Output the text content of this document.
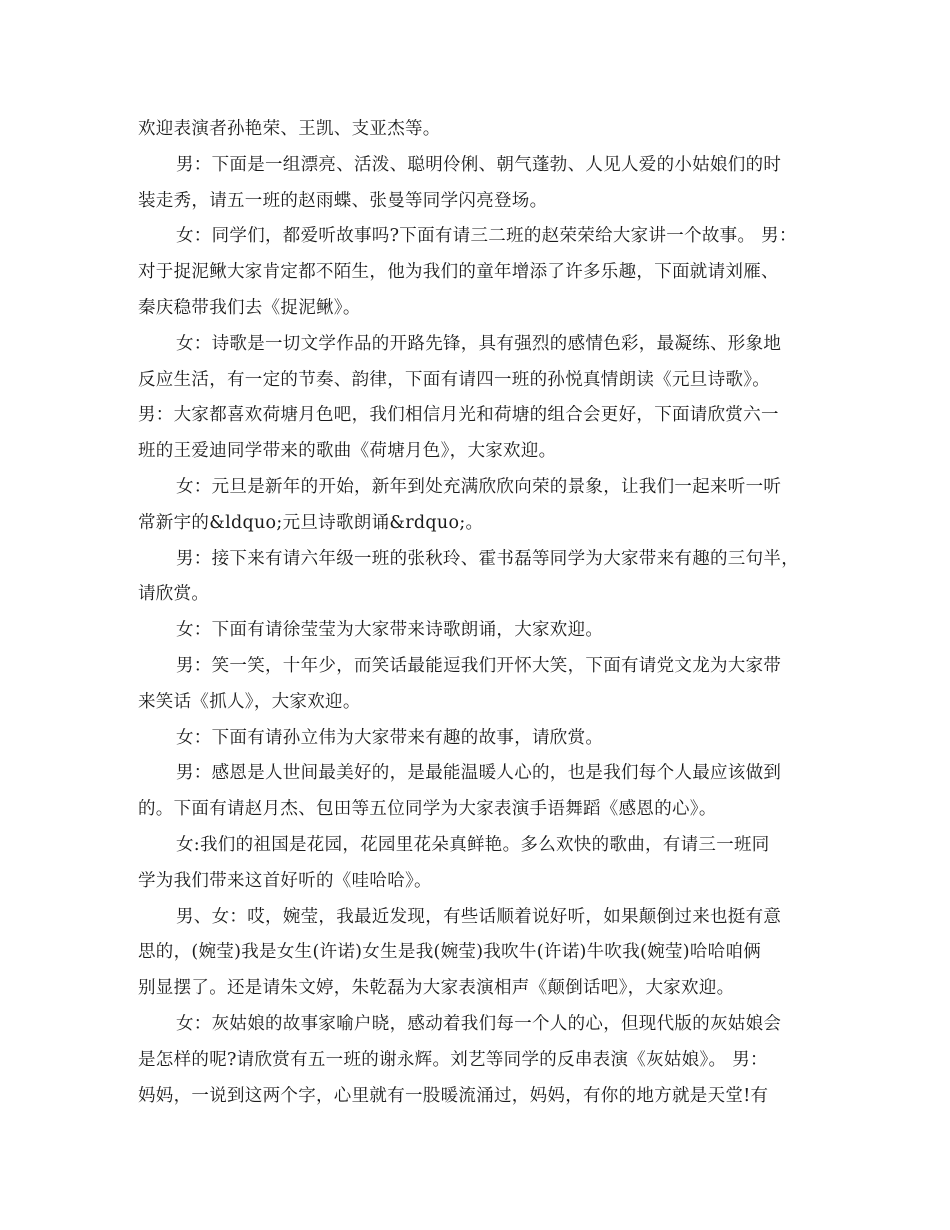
欢迎表演者孙艳荣、王凯、支亚杰等。
男：下面是一组漂亮、活泼、聪明伶俐、朝气蓬勃、人见人爱的小姑娘们的时
装走秀，请五一班的赵雨蝶、张曼等同学闪亮登场。
女：同学们，都爱听故事吗?下面有请三二班的赵荣荣给大家讲一个故事。 男：
对于捉泥鳅大家肯定都不陌生，他为我们的童年增添了许多乐趣，下面就请刘雁、
秦庆稳带我们去《捉泥鳅》。
女：诗歌是一切文学作品的开路先锋，具有强烈的感情色彩，最凝练、形象地
反应生活，有一定的节奏、韵律，下面有请四一班的孙悦真情朗读《元旦诗歌》。
男：大家都喜欢荷塘月色吧，我们相信月光和荷塘的组合会更好，下面请欣赏六一
班的王爱迪同学带来的歌曲《荷塘月色》，大家欢迎。
女：元旦是新年的开始，新年到处充满欣欣向荣的景象，让我们一起来听一听
常新宇的&ldquo;元旦诗歌朗诵&rdquo;。
男：接下来有请六年级一班的张秋玲、霍书磊等同学为大家带来有趣的三句半，
请欣赏。
女：下面有请徐莹莹为大家带来诗歌朗诵，大家欢迎。
男：笑一笑，十年少，而笑话最能逗我们开怀大笑，下面有请党文龙为大家带
来笑话《抓人》，大家欢迎。
女：下面有请孙立伟为大家带来有趣的故事，请欣赏。
男：感恩是人世间最美好的，是最能温暖人心的，也是我们每个人最应该做到
的。下面有请赵月杰、包田等五位同学为大家表演手语舞蹈《感恩的心》。
女:我们的祖国是花园，花园里花朵真鲜艳。多么欢快的歌曲，有请三一班同
学为我们带来这首好听的《哇哈哈》。
男、女：哎，婉莹，我最近发现，有些话顺着说好听，如果颠倒过来也挺有意
思的，(婉莹)我是女生(许诺)女生是我(婉莹)我吹牛(许诺)牛吹我(婉莹)哈哈咱俩
别显摆了。还是请朱文婷，朱乾磊为大家表演相声《颠倒话吧》，大家欢迎。
女：灰姑娘的故事家喻户晓，感动着我们每一个人的心，但现代版的灰姑娘会
是怎样的呢?请欣赏有五一班的谢永辉。刘艺等同学的反串表演《灰姑娘》。 男：
妈妈，一说到这两个字，心里就有一股暖流涌过，妈妈，有你的地方就是天堂!有
